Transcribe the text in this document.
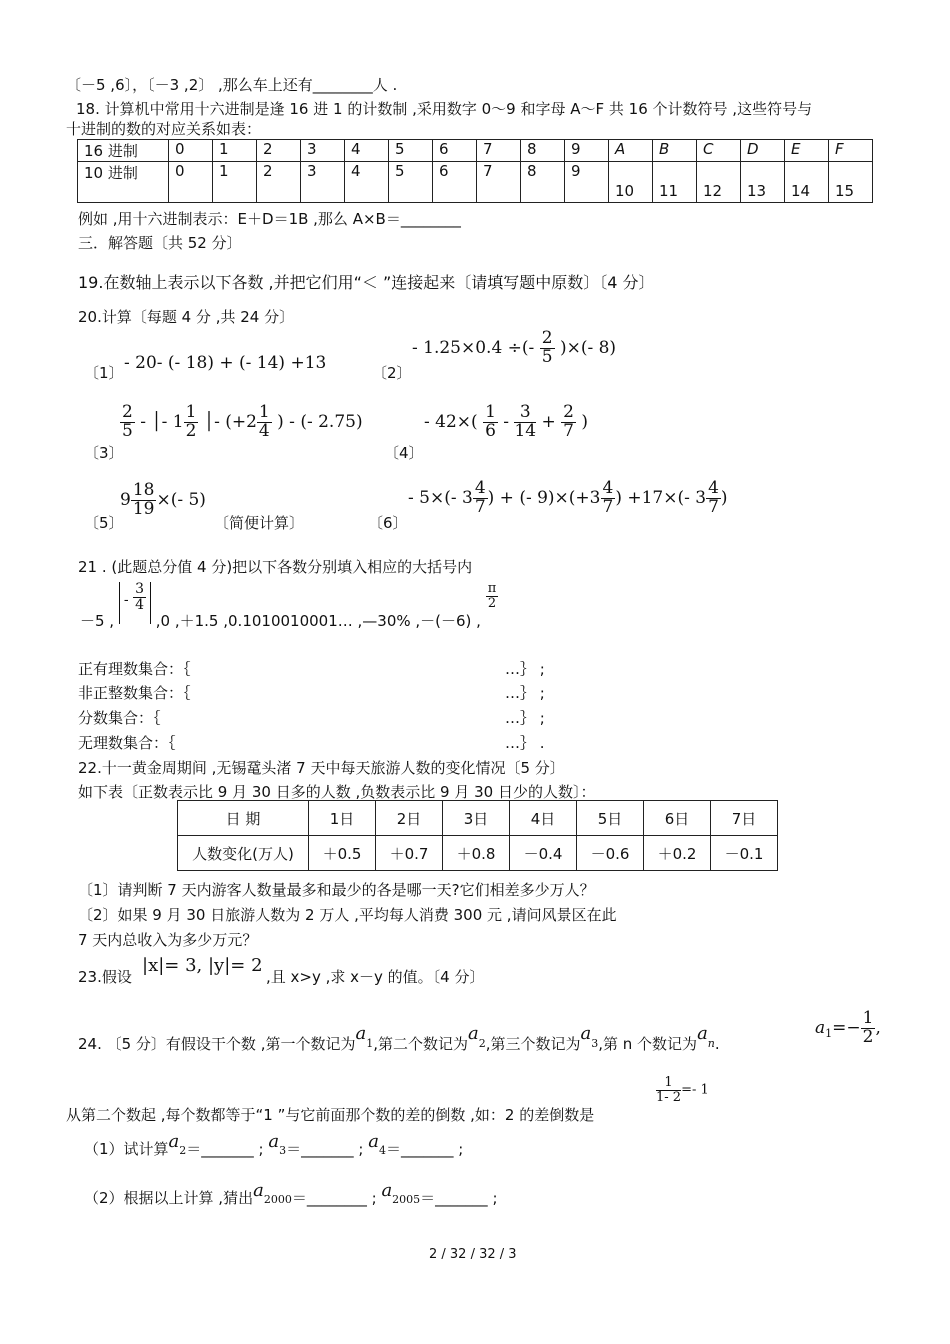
〔－5 ,6〕，〔－3 ,2〕 ,那么车上还有________人 .
18. 计算机中常用十六进制是逢 16 进 1 的计数制 ,采用数字 0～9 和字母 A～F 共 16 个计数符号 ,这些符号与
十进制的数的对应关系如表：
16 进制	0	1	2	3	4	5	6	7	8	9	A	B	C	D	E	F
10 进制	0	1	2	3	4	5	6	7	8	9	10	11	12	13	14	15
例如 ,用十六进制表示：E＋D＝1B ,那么 A×B＝________
三．解答题〔共 52 分〕
19.在数轴上表示以下各数 ,并把它们用“＜ ”连接起来〔请填写题中原数〕〔4 分〕
20.计算〔每题 4 分 ,共 24 分〕
〔1〕 - 20- (- 18) + (- 14) +13	〔2〕
- 1.25×0.4 ÷(- $\frac{2}{5}$ )×(- 8)
〔3〕
$\frac{2}{5}$ - │- $1 \frac{1}{2}$ │- ($+2 \frac{1}{4}$ ) - (- 2.75)
〔4〕
- $42\times( \frac{1}{6} - \frac{3}{14} + \frac{2}{7}$ )
〔5〕
$9 \frac{18}{19}$ ×(- 5)
〔简便计算〕	〔6〕
- 5×(- $3 \frac{4}{7}$ ) + (- $9)\times(+3 \frac{4}{7}$ ) +17×(- $3 \frac{4}{7}$ )
21 . (此题总分值 4 分)把以下各数分别填入相应的大括号内
－5 , - $\frac{3}{4}$
,0 ,＋1.5 ,0.1010010001… ,—30% ,－(－6) ,
$\frac{\pi}{2}$
正有理数集合：｛	…｝ ;
非正整数集合：｛	…｝ ;
分数集合：｛	…｝ ;
无理数集合：｛	…｝ .
22.十一黄金周期间 ,无锡鼋头渚 7 天中每天旅游人数的变化情况〔5 分〕
如下表〔正数表示比 9 月 30 日多的人数 ,负数表示比 9 月 30 日少的人数〕：
日 期	1日	2日	3日	4日	5日	6日	7日
人数变化(万人)	＋0.5	＋0.7	＋0.8	－0.4	－0.6	＋0.2	－0.1
〔1〕请判断 7 天内游客人数量最多和最少的各是哪一天?它们相差多少万人？
〔2〕如果 9 月 30 日旅游人数为 2 万人 ,平均每人消费 300 元 ,请问风景区在此
7 天内总收入为多少万元？
23.假设
|x|= 3, |y|= 2
,且 x>y ,求 x－y 的值。〔4 分〕
24. 〔5 分〕有假设干个数 ,第一个数记为$a_1$,第二个数记为$a_2$,第三个数记为$a_3$,第 n 个数记为$a_n$.
$a_1=- \frac{1}{2}$ ,
从第二个数起 ,每个数都等于“1 ”与它前面那个数的差的倒数 ,如：2 的差倒数是
$\frac{1}{1- 2} =- 1$
（1）试计算$a_2=\_\_\_\_\_\_\_$ ; $a_3=\_\_\_\_\_\_\_$ ; $a_4=\_\_\_\_\_\_\_$ ;
（2）根据以上计算 ,猜出$a_{2000}=\_\_\_\_\_\_\_\_$ ; $a_{2005}=\_\_\_\_\_\_\_$ ;
2 / 32 / 32 / 3
